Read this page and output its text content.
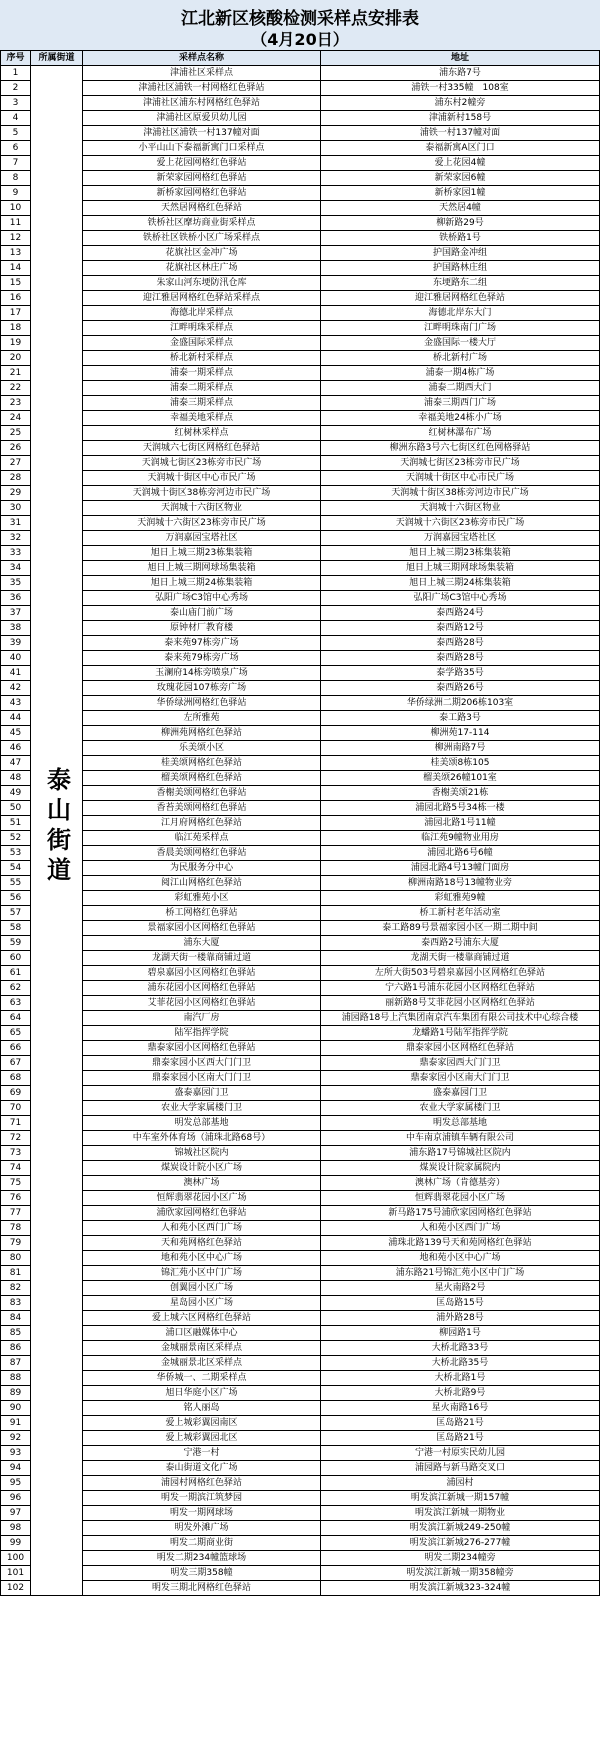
江北新区核酸检测采样点安排表
（4月20日）
序号	所属街道	采样点名称	地址
1	泰山街道	津浦社区采样点	浦东路7号
2		津浦社区浦铁一村网格红色驿站	浦铁一村335幢　108室
3		津浦社区浦东村网格红色驿站	浦东村2幢旁
4		津浦社区原爱贝幼儿园	津浦新村158号
5		津浦社区浦铁一村137幢对面	浦铁一村137幢对面
6		小平山山下泰福新寓门口采样点	泰福新寓A区门口
7		爱上花园网格红色驿站	爱上花园4幢
8		新荣家园网格红色驿站	新荣家园6幢
9		新桥家园网格红色驿站	新桥家园1幢
10		天然居网格红色驿站	天然居4幢
11		铁桥社区摩坊商业街采样点	柳新路29号
12		铁桥社区铁桥小区广场采样点	铁桥路1号
13		花旗社区金冲广场	护国路金冲组
14		花旗社区林庄广场	护国路林庄组
15		朱家山河东埂防汛仓库	东埂路东二组
16		迎江雅居网格红色驿站采样点	迎江雅居网格红色驿站
17		海德北岸采样点	海德北岸东大门
18		江畔明珠采样点	江畔明珠南门广场
19		金盛国际采样点	金盛国际一楼大厅
20		桥北新村采样点	桥北新村广场
21		浦泰一期采样点	浦泰一期4栋广场
22		浦泰二期采样点	浦泰二期西大门
23		浦泰三期采样点	浦泰三期西门广场
24		幸福美地采样点	幸福美地24栋小广场
25		红树林采样点	红树林瀑布广场
26		天润城六七街区网格红色驿站	柳洲东路3号六七街区红色网格驿站
27		天润城七街区23栋旁市民广场	天润城七街区23栋旁市民广场
28		天润城十街区中心市民广场	天润城十街区中心市民广场
29		天润城十街区38栋旁河边市民广场	天润城十街区38栋旁河边市民广场
30		天润城十六街区物业	天润城十六街区物业
31		天润城十六街区23栋旁市民广场	天润城十六街区23栋旁市民广场
32		万润嘉园宝塔社区	万润嘉园宝塔社区
33		旭日上城三期23栋集装箱	旭日上城三期23栋集装箱
34		旭日上城三期网球场集装箱	旭日上城三期网球场集装箱
35		旭日上城三期24栋集装箱	旭日上城三期24栋集装箱
36		弘阳广场C3馆中心秀场	弘阳广场C3馆中心秀场
37		泰山庙门前广场	泰西路24号
38		原钟材厂教育楼	泰西路12号
39		泰来苑97栋旁广场	泰西路28号
40		泰来苑79栋旁广场	泰西路28号
41		玉澜府14栋旁喷泉广场	泰学路35号
42		玫瑰花园107栋旁广场	泰西路26号
43		华侨绿洲网格红色驿站	华侨绿洲二期206栋103室
44		左所雅苑	泰工路3号
45		柳洲苑网格红色驿站	柳洲苑17-114
46		乐美颂小区	柳洲南路7号
47		桂美颂网格红色驿站	桂美颂8栋105
48		榴美颂网格红色驿站	榴美颂26幢101室
49		香榭美颂网格红色驿站	香榭美颂21栋
50		香苔美颂网格红色驿站	浦园北路5号34栋一楼
51		江月府网格红色驿站	浦园北路1号11幢
52		临江苑采样点	临江苑9幢物业用房
53		香晨美颂网格红色驿站	浦园北路6号6幢
54		为民服务分中心	浦园北路4号13幢门面房
55		阅江山网格红色驿站	柳洲南路18号13幢物业旁
56		彩虹雅苑小区	彩虹雅苑9幢
57		桥工网格红色驿站	桥工新村老年活动室
58		景福家园小区网格红色驿站	泰工路89号景福家园小区一期二期中间
59		浦东大厦	泰西路2号浦东大厦
60		龙湖天街一楼靠商铺过道	龙湖天街一楼靠商铺过道
61		碧泉嘉园小区网格红色驿站	左所大街503号碧泉嘉园小区网格红色驿站
62		浦东花园小区网格红色驿站	宁六路1号浦东花园小区网格红色驿站
63		艾菲花园小区网格红色驿站	丽新路8号艾菲花园小区网格红色驿站
64		南汽厂房	浦园路18号上汽集团南京汽车集团有限公司技术中心综合楼
65		陆军指挥学院	龙蟠路1号陆军指挥学院
66		鼎泰家园小区网格红色驿站	鼎泰家园小区网格红色驿站
67		鼎泰家园小区西大门门卫	鼎泰家园西大门门卫
68		鼎泰家园小区南大门门卫	鼎泰家园小区南大门门卫
69		盛泰嘉园门卫	盛泰嘉园门卫
70		农业大学家属楼门卫	农业大学家属楼门卫
71		明发总部基地	明发总部基地
72		中车室外体育场（浦珠北路68号）	中车南京浦镇车辆有限公司
73		锦城社区院内	浦东路17号锦城社区院内
74		煤炭设计院小区广场	煤炭设计院家属院内
75		澳林广场	澳林广场（肯德基旁）
76		恒辉翡翠花园小区广场	恒辉翡翠花园小区广场
77		浦欣家园网格红色驿站	新马路175号浦欣家园网格红色驿站
78		人和苑小区西门广场	人和苑小区西门广场
79		天和苑网格红色驿站	浦珠北路139号天和苑网格红色驿站
80		地和苑小区中心广场	地和苑小区中心广场
81		锦汇苑小区中门广场	浦东路21号锦汇苑小区中门广场
82		创翼园小区广场	星火南路2号
83		星岛园小区广场	匡岛路15号
84		爱上城六区网格红色驿站	浦外路28号
85		浦口区融媒体中心	柳园路1号
86		金城丽景南区采样点	大桥北路33号
87		金城丽景北区采样点	大桥北路35号
88		华侨城一、二期采样点	大桥北路1号
89		旭日华庭小区广场	大桥北路9号
90		铭人丽岛	星火南路16号
91		爱上城彩翼园南区	匡岛路21号
92		爱上城彩翼园北区	匡岛路21号
93		宁港一村	宁港一村原实民幼儿园
94		泰山街道文化广场	浦园路与新马路交叉口
95		浦园村网格红色驿站	浦园村
96		明发一期滨江筑梦园	明发滨江新城一期157幢
97		明发一期网球场	明发滨江新城一期物业
98		明发外滩广场	明发滨江新城249-250幢
99		明发二期商业街	明发滨江新城276-277幢
100		明发二期234幢篮球场	明发二期234幢旁
101		明发三期358幢	明发滨江新城一期358幢旁
102		明发三期北网格红色驿站	明发滨江新城323-324幢
